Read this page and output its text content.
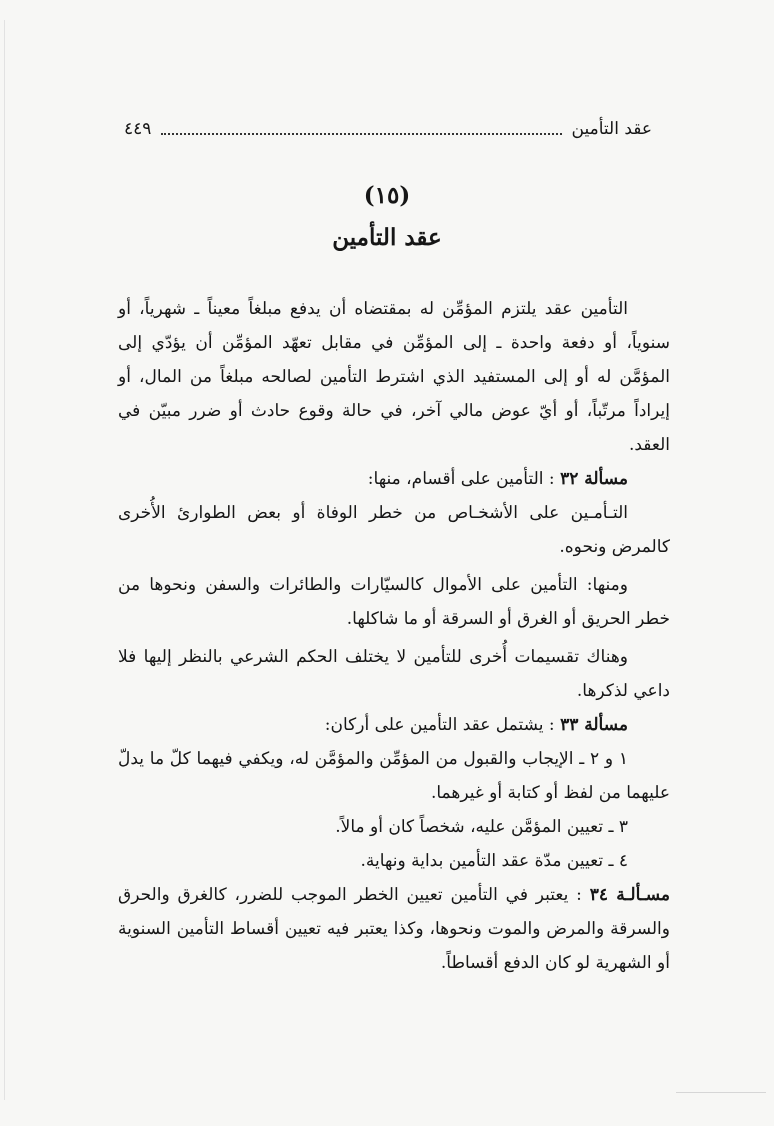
عقد التأمين
٤٤٩
(١٥)
عقد التأمين

التأمين عقد يلتزم المؤمِّن له بمقتضاه أن يدفع مبلغاً معيناً ـ شهرياً، أو سنوياً، أو دفعة واحدة ـ إلى المؤمِّن في مقابل تعهّد المؤمِّن أن يؤدّي إلى المؤمَّن له أو إلى المستفيد الذي اشترط التأمين لصالحه مبلغاً من المال، أو إيراداً مرتّباً، أو أيّ عوض مالي آخر، في حالة وقوع حادث أو ضرر مبيّن في العقد.

مسألة ٣٢ : التأمين على أقسام، منها:

التـأمـين على الأشخـاص من خطر الوفاة أو بعض الطوارئ الأُخرى كالمرض ونحوه.

ومنها: التأمين على الأموال كالسيّارات والطائرات والسفن ونحوها من خطر الحريق أو الغرق أو السرقة أو ما شاكلها.

وهناك تقسيمات أُخرى للتأمين لا يختلف الحكم الشرعي بالنظر إليها فلا داعي لذكرها.

مسألة ٣٣ : يشتمل عقد التأمين على أركان:

١ و ٢ ـ الإيجاب والقبول من المؤمِّن والمؤمَّن له، ويكفي فيهما كلّ ما يدلّ عليهما من لفظ أو كتابة أو غيرهما.

٣ ـ تعيين المؤمَّن عليه، شخصاً كان أو مالاً.

٤ ـ تعيين مدّة عقد التأمين بداية ونهاية.

مسـألـة ٣٤ : يعتبر في التأمين تعيين الخطر الموجب للضرر، كالغرق والحرق والسرقة والمرض والموت ونحوها، وكذا يعتبر فيه تعيين أقساط التأمين السنوية أو الشهرية لو كان الدفع أقساطاً.
